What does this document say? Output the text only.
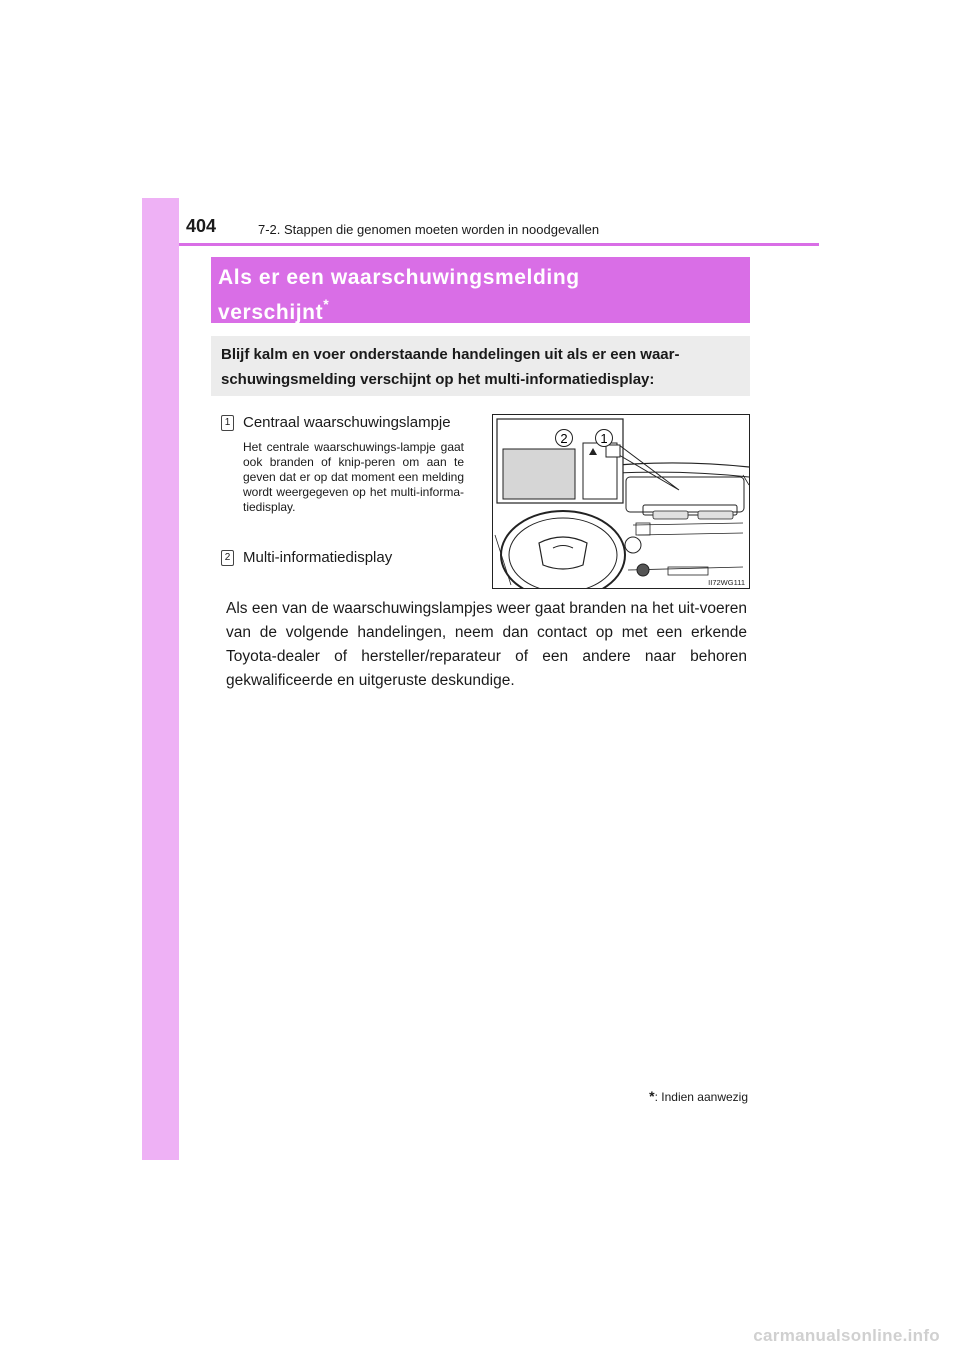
404	7-2. Stappen die genomen moeten worden in noodgevallen
Als er een waarschuwingsmelding
verschijnt*
Blijf kalm en voer onderstaande handelingen uit als er een waar-
schuwingsmelding verschijnt op het multi-informatiedisplay:
1 Centraal waarschuwingslampje
Het centrale waarschuwings-lampje gaat ook branden of knip-peren om aan te geven dat er op dat moment een melding wordt weergegeven op het multi-informa-tiedisplay.
2 Multi-informatiedisplay
2	1
II72WG111
Als een van de waarschuwingslampjes weer gaat branden na het uit-voeren van de volgende handelingen, neem dan contact op met een erkende Toyota-dealer of hersteller/reparateur of een andere naar behoren gekwalificeerde en uitgeruste deskundige.
*: Indien aanwezig
carmanualsonline.info
